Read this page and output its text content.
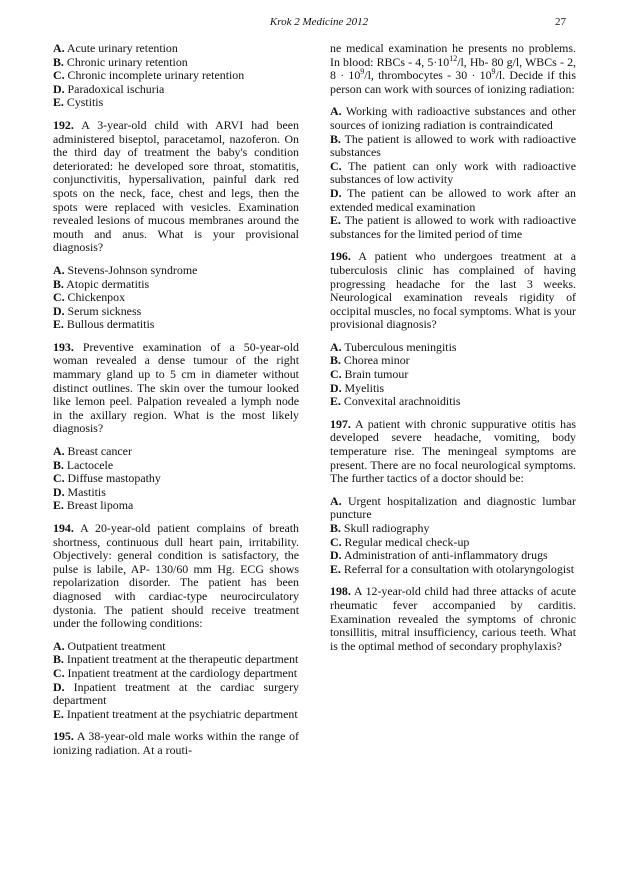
Krok 2 Medicine 2012	27

A. Acute urinary retention

B. Chronic urinary retention

C. Chronic incomplete urinary retention

D. Paradoxical ischuria

E. Cystitis

192. A 3-year-old child with ARVI had been administered biseptol, paracetamol, nazoferon. On the third day of treatment the baby's condition deteriorated: he developed sore throat, stomatitis, conjunctivitis, hypersalivation, painful dark red spots on the neck, face, chest and legs, then the spots were replaced with vesicles. Examination revealed lesions of mucous membranes around the mouth and anus. What is your provisional diagnosis?

A. Stevens-Johnson syndrome

B. Atopic dermatitis

C. Chickenpox

D. Serum sickness

E. Bullous dermatitis

193. Preventive examination of a 50-year-old woman revealed a dense tumour of the right mammary gland up to 5 cm in diameter without distinct outlines. The skin over the tumour looked like lemon peel. Palpation revealed a lymph node in the axillary region. What is the most likely diagnosis?

A. Breast cancer

B. Lactocele

C. Diffuse mastopathy

D. Mastitis

E. Breast lipoma

194. A 20-year-old patient complains of breath shortness, continuous dull heart pain, irritability. Objectively: general condition is satisfactory, the pulse is labile, AP- 130/60 mm Hg. ECG shows repolarization disorder. The patient has been diagnosed with cardiac-type neurocirculatory dystonia. The patient should receive treatment under the following conditions:

A. Outpatient treatment

B. Inpatient treatment at the therapeutic department

C. Inpatient treatment at the cardiology department

D. Inpatient treatment at the cardiac surgery department

E. Inpatient treatment at the psychiatric department

195. A 38-year-old male works within the range of ionizing radiation. At a routi-

ne medical examination he presents no problems. In blood: RBCs - 4, $5\cdot 10^{12}/l$, Hb- 80 g/l, WBCs - 2, $8 \cdot 10^9/l$, thrombocytes - $30 \cdot 10^9/l$. Decide if this person can work with sources of ionizing radiation:

A. Working with radioactive substances and other sources of ionizing radiation is contraindicated

B. The patient is allowed to work with radioactive substances

C. The patient can only work with radioactive substances of low activity

D. The patient can be allowed to work after an extended medical examination

E. The patient is allowed to work with radioactive substances for the limited period of time

196. A patient who undergoes treatment at a tuberculosis clinic has complained of having progressing headache for the last 3 weeks. Neurological examination reveals rigidity of occipital muscles, no focal symptoms. What is your provisional diagnosis?

A. Tuberculous meningitis

B. Chorea minor

C. Brain tumour

D. Myelitis

E. Convexital arachnoiditis

197. A patient with chronic suppurative otitis has developed severe headache, vomiting, body temperature rise. The meningeal symptoms are present. There are no focal neurological symptoms. The further tactics of a doctor should be:

A. Urgent hospitalization and diagnostic lumbar puncture

B. Skull radiography

C. Regular medical check-up

D. Administration of anti-inflammatory drugs

E. Referral for a consultation with otolaryngologist

198. A 12-year-old child had three attacks of acute rheumatic fever accompanied by carditis. Examination revealed the symptoms of chronic tonsillitis, mitral insufficiency, carious teeth. What is the optimal method of secondary prophylaxis?
